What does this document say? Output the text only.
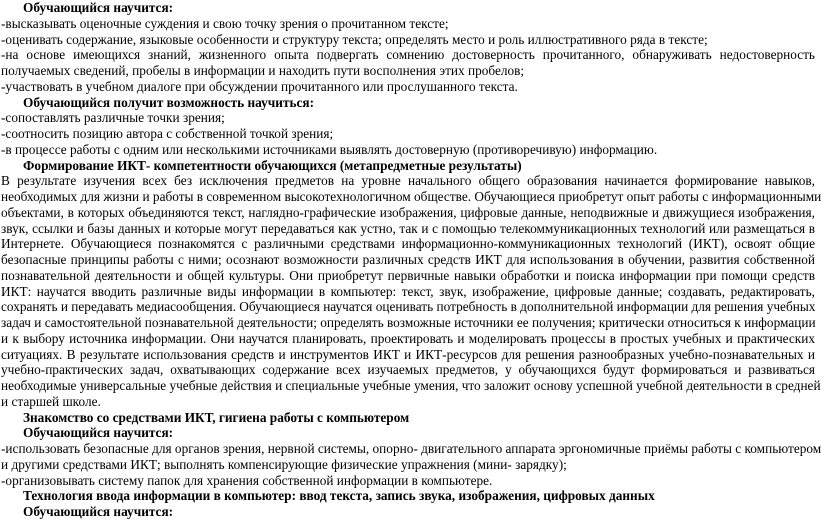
Обучающийся научится:
-высказывать оценочные суждения и свою точку зрения о прочитанном тексте;
-оценивать содержание, языковые особенности и структуру текста; определять место и роль иллюстративного ряда в тексте;
-на основе имеющихся знаний, жизненного опыта подвергать сомнению достоверность прочитанного, обнаруживать недостоверность
получаемых сведений, пробелы в информации и находить пути восполнения этих пробелов;
-участвовать в учебном диалоге при обсуждении прочитанного или прослушанного текста.
Обучающийся получит возможность научиться:
-сопоставлять различные точки зрения;
-соотносить позицию автора с собственной точкой зрения;
-в процессе работы с одним или несколькими источниками выявлять достоверную (противоречивую) информацию.
Формирование ИКТ- компетентности обучающихся (метапредметные результаты)
В результате изучения всех без исключения предметов на уровне начального общего образования начинается формирование навыков,
необходимых для жизни и работы в современном высокотехнологичном обществе. Обучающиеся приобретут опыт работы с информационными
объектами, в которых объединяются текст, наглядно-графические изображения, цифровые данные, неподвижные и движущиеся изображения,
звук, ссылки и базы данных и которые могут передаваться как устно, так и с помощью телекоммуникационных технологий или размещаться в
Интернете. Обучающиеся познакомятся с различными средствами информационно-коммуникационных технологий (ИКТ), освоят общие
безопасные принципы работы с ними; осознают возможности различных средств ИКТ для использования в обучении, развития собственной
познавательной деятельности и общей культуры. Они приобретут первичные навыки обработки и поиска информации при помощи средств
ИКТ: научатся вводить различные виды информации в компьютер: текст, звук, изображение, цифровые данные; создавать, редактировать,
сохранять и передавать медиасообщения. Обучающиеся научатся оценивать потребность в дополнительной информации для решения учебных
задач и самостоятельной познавательной деятельности; определять возможные источники ее получения; критически относиться к информации
и к выбору источника информации. Они научатся планировать, проектировать и моделировать процессы в простых учебных и практических
ситуациях. В результате использования средств и инструментов ИКТ и ИКТ-ресурсов для решения разнообразных учебно-познавательных и
учебно-практических задач, охватывающих содержание всех изучаемых предметов, у обучающихся будут формироваться и развиваться
необходимые универсальные учебные действия и специальные учебные умения, что заложит основу успешной учебной деятельности в средней
и старшей школе.
Знакомство со средствами ИКТ, гигиена работы с компьютером
Обучающийся научится:
-использовать безопасные для органов зрения, нервной системы, опорно- двигательного аппарата эргономичные приёмы работы с компьютером
и другими средствами ИКТ; выполнять компенсирующие физические упражнения (мини- зарядку);
-организовывать систему папок для хранения собственной информации в компьютере.
Технология ввода информации в компьютер: ввод текста, запись звука, изображения, цифровых данных
Обучающийся научится:
